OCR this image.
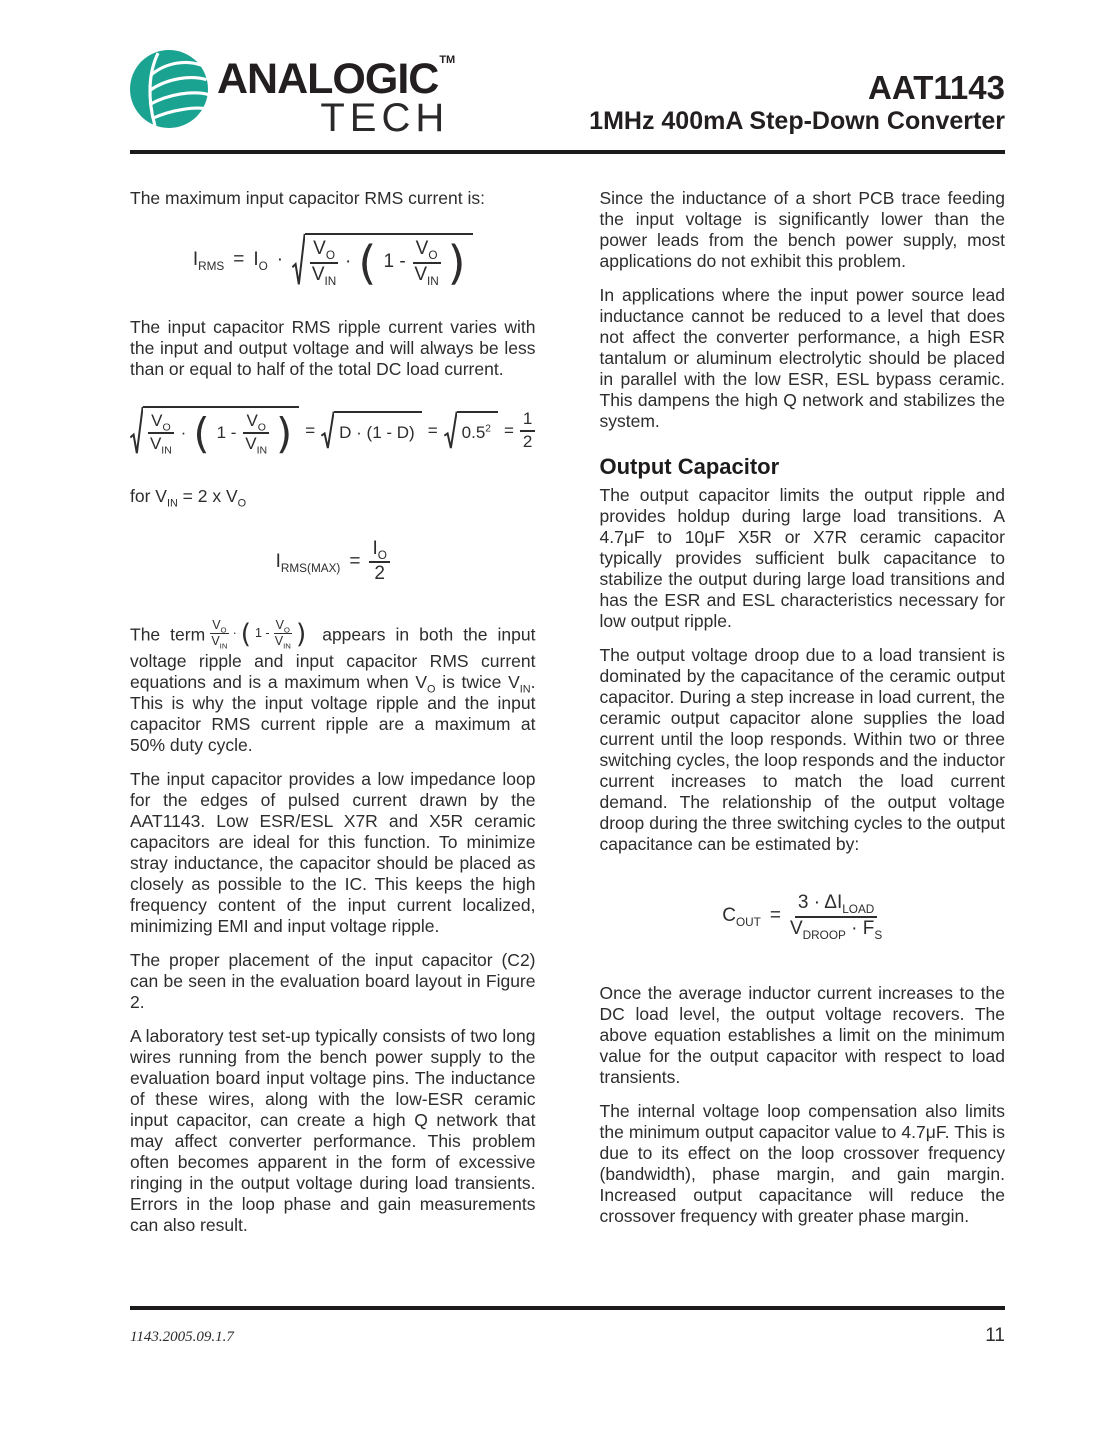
ANALOGIC TM
TECH
AAT1143
1MHz 400mA Step-Down Converter

The maximum input capacitor RMS current is:

$I_{RMS} = I_O \cdot \frac{V_O}{V_{IN}}$ · ( $1 - \frac{V_O}{V_{IN}}$ )

The input capacitor RMS ripple current varies with the input and output voltage and will always be less than or equal to half of the total DC load current.

$\frac{V_O}{V_{IN}}$ · ( $1 - \frac{V_O}{V_{IN}}$ ) = $D \cdot (1 - D) = 0.5^2 = \frac{1}{2}$

for $V_{IN} = 2$ x $V_O$

$I_{RMS(MAX)} = \frac{I_O}{2}$

The term $\frac{V_O}{V_{IN}}$ · ( $1 - \frac{V_O}{V_{IN}}$ ) appears in both the input voltage ripple and input capacitor RMS current equations and is a maximum when $V_O$ is twice $V_{IN}$. This is why the input voltage ripple and the input capacitor RMS current ripple are a maximum at 50% duty cycle.

The input capacitor provides a low impedance loop for the edges of pulsed current drawn by the AAT1143. Low ESR/ESL X7R and X5R ceramic capacitors are ideal for this function. To minimize stray inductance, the capacitor should be placed as closely as possible to the IC. This keeps the high frequency content of the input current localized, minimizing EMI and input voltage ripple.

The proper placement of the input capacitor (C2) can be seen in the evaluation board layout in Figure 2.

A laboratory test set-up typically consists of two long wires running from the bench power supply to the evaluation board input voltage pins. The inductance of these wires, along with the low-ESR ceramic input capacitor, can create a high Q network that may affect converter performance. This problem often becomes apparent in the form of excessive ringing in the output voltage during load transients. Errors in the loop phase and gain measurements can also result.

Since the inductance of a short PCB trace feeding the input voltage is significantly lower than the power leads from the bench power supply, most applications do not exhibit this problem.

In applications where the input power source lead inductance cannot be reduced to a level that does not affect the converter performance, a high ESR tantalum or aluminum electrolytic should be placed in parallel with the low ESR, ESL bypass ceramic. This dampens the high Q network and stabilizes the system.

Output Capacitor

The output capacitor limits the output ripple and provides holdup during large load transitions. A 4.7μF to 10μF X5R or X7R ceramic capacitor typically provides sufficient bulk capacitance to stabilize the output during large load transitions and has the ESR and ESL characteristics necessary for low output ripple.

The output voltage droop due to a load transient is dominated by the capacitance of the ceramic output capacitor. During a step increase in load current, the ceramic output capacitor alone supplies the load current until the loop responds. Within two or three switching cycles, the loop responds and the inductor current increases to match the load current demand. The relationship of the output voltage droop during the three switching cycles to the output capacitance can be estimated by:

$C_{OUT} = \frac{3 \cdot \Delta I_{LOAD}}{V_{DROOP} \cdot F_S}$

Once the average inductor current increases to the DC load level, the output voltage recovers. The above equation establishes a limit on the minimum value for the output capacitor with respect to load transients.

The internal voltage loop compensation also limits the minimum output capacitor value to 4.7μF. This is due to its effect on the loop crossover frequency (bandwidth), phase margin, and gain margin. Increased output capacitance will reduce the crossover frequency with greater phase margin.

1143.2005.09.1.7	11
